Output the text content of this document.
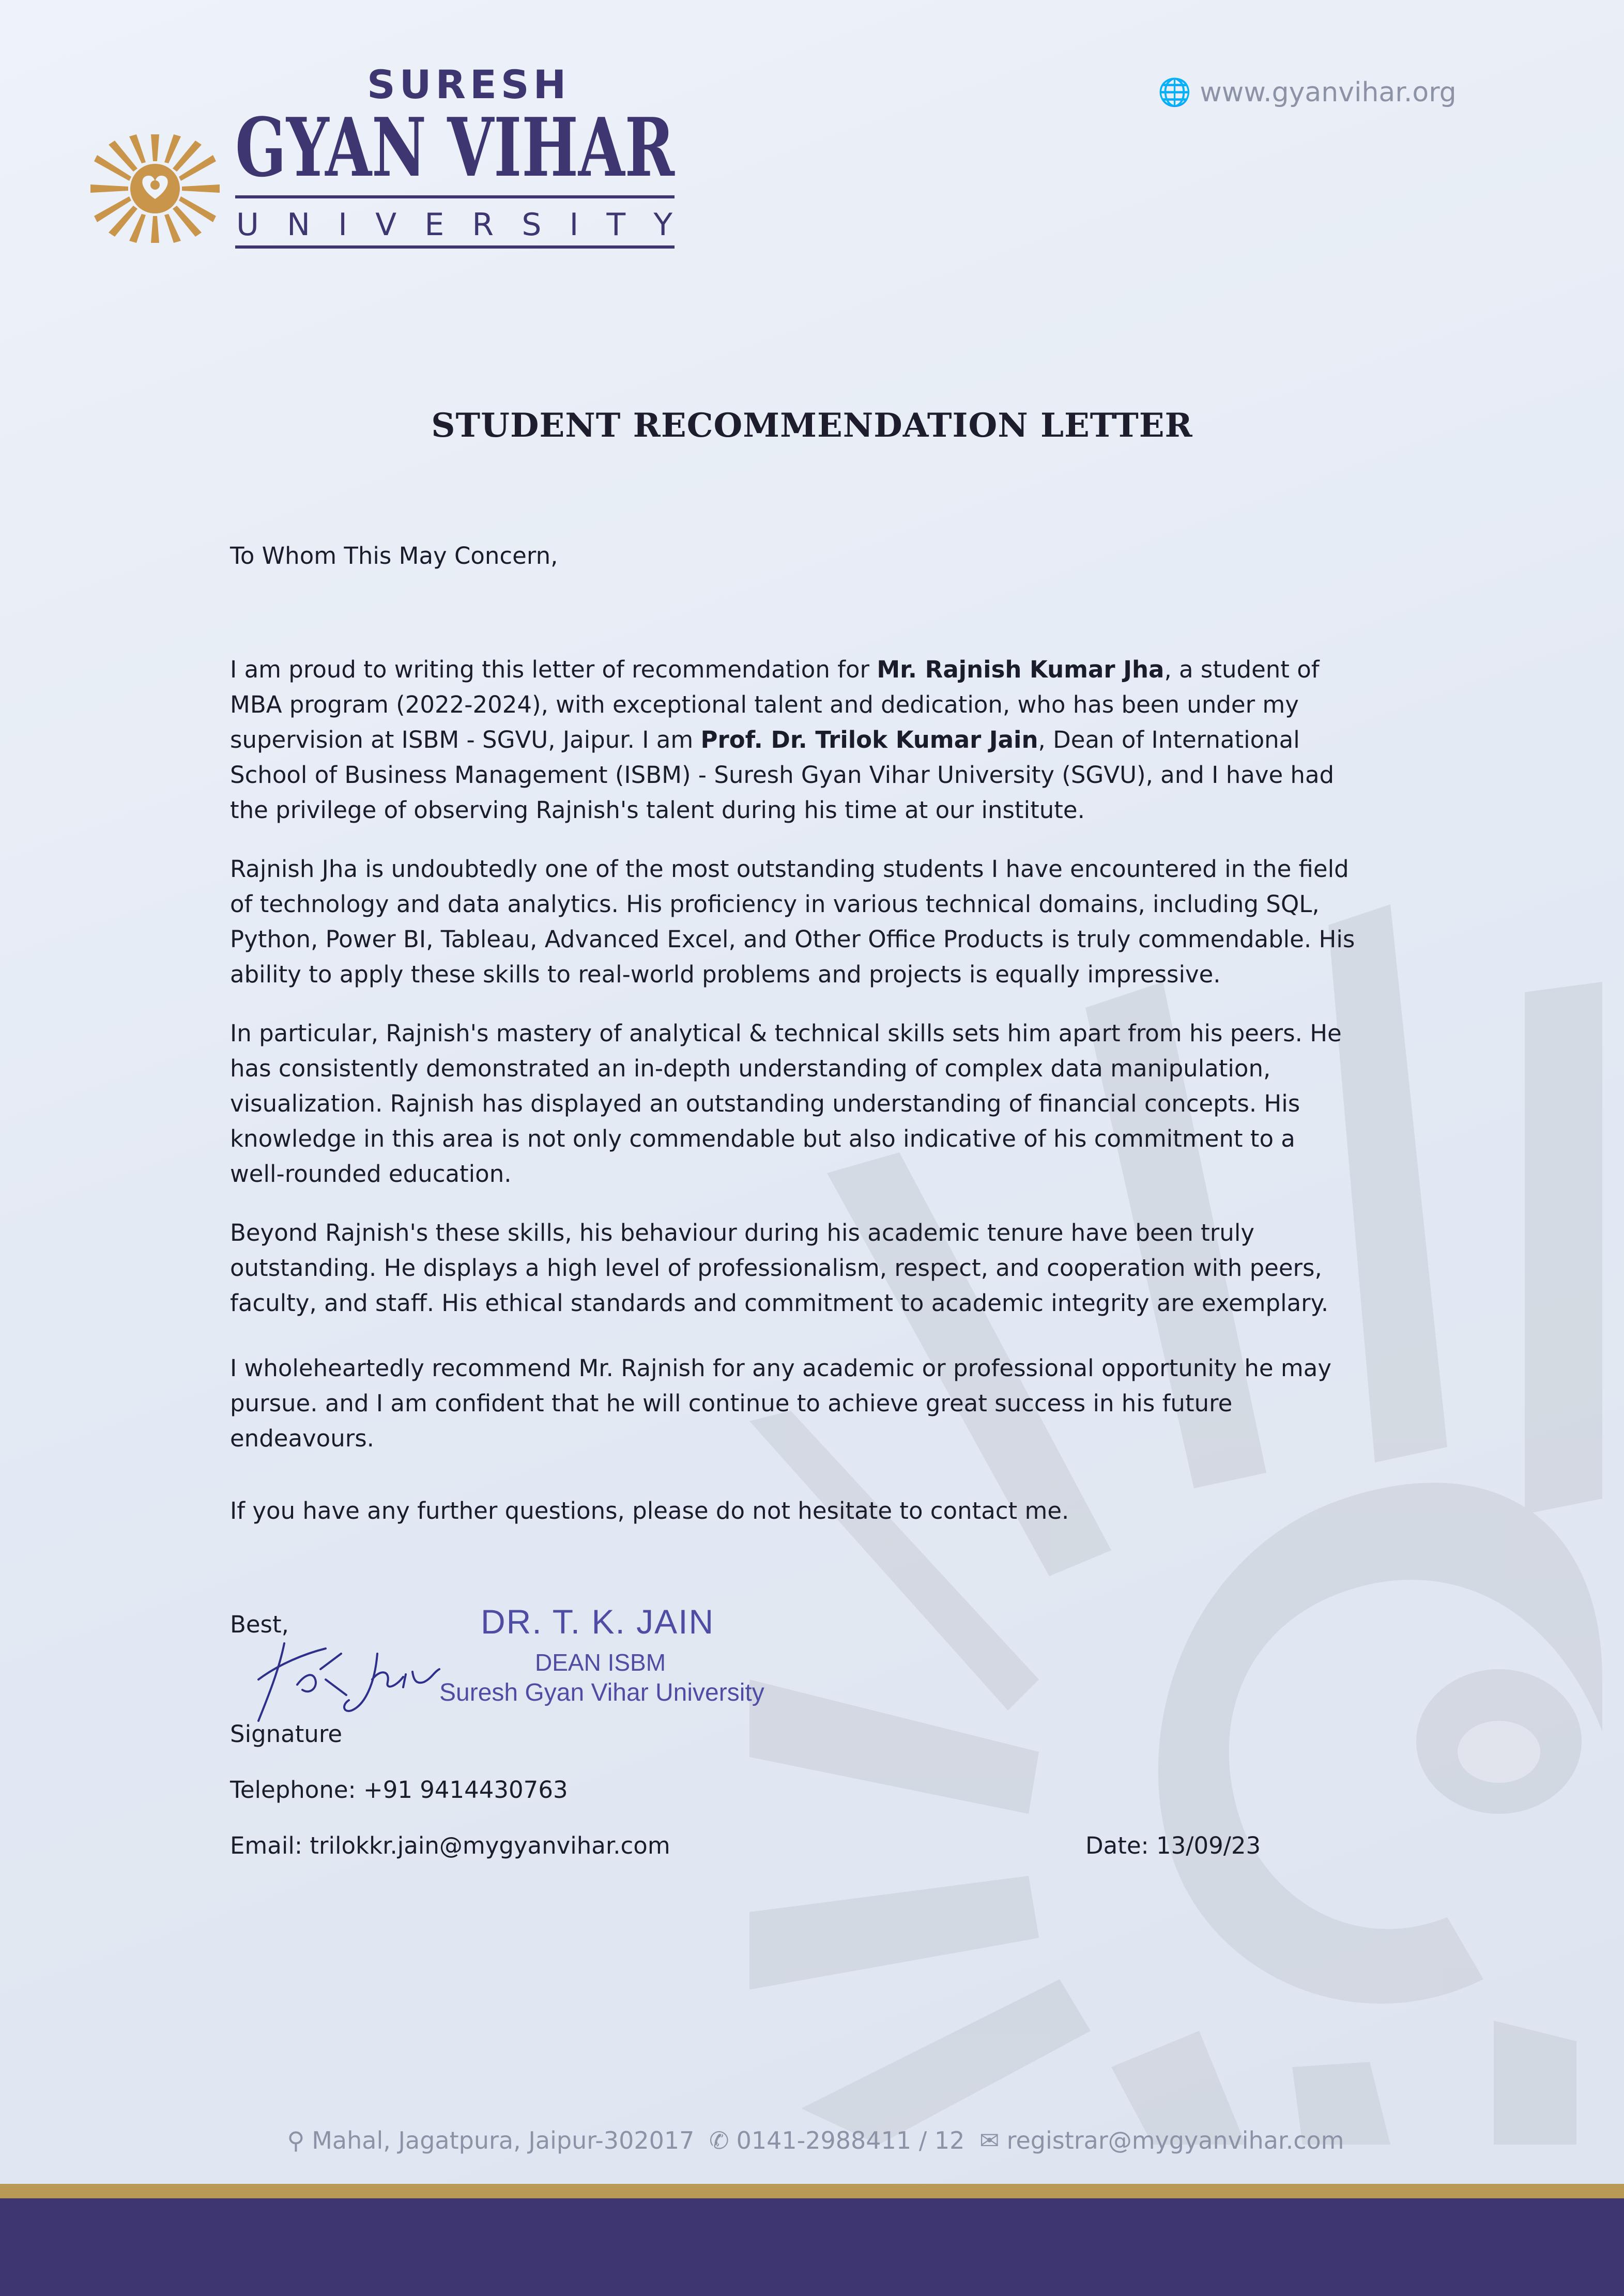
SURESH
GYAN VIHAR
UNIVERSITY
🌐 www.gyanvihar.org
STUDENT RECOMMENDATION LETTER
To Whom This May Concern,

I am proud to writing this letter of recommendation for Mr. Rajnish Kumar Jha, a student of MBA program (2022-2024), with exceptional talent and dedication, who has been under my supervision at ISBM - SGVU, Jaipur. I am Prof. Dr. Trilok Kumar Jain, Dean of International School of Business Management (ISBM) - Suresh Gyan Vihar University (SGVU), and I have had the privilege of observing Rajnish's talent during his time at our institute.

Rajnish Jha is undoubtedly one of the most outstanding students I have encountered in the field of technology and data analytics. His proficiency in various technical domains, including SQL, Python, Power BI, Tableau, Advanced Excel, and Other Office Products is truly commendable. His ability to apply these skills to real-world problems and projects is equally impressive.

In particular, Rajnish's mastery of analytical & technical skills sets him apart from his peers. He has consistently demonstrated an in-depth understanding of complex data manipulation, visualization. Rajnish has displayed an outstanding understanding of financial concepts. His knowledge in this area is not only commendable but also indicative of his commitment to a well-rounded education.

Beyond Rajnish's these skills, his behaviour during his academic tenure have been truly outstanding. He displays a high level of professionalism, respect, and cooperation with peers, faculty, and staff. His ethical standards and commitment to academic integrity are exemplary.

I wholeheartedly recommend Mr. Rajnish for any academic or professional opportunity he may pursue. and I am confident that he will continue to achieve great success in his future endeavours.
If you have any further questions, please do not hesitate to contact me.
Best,	DR. T. K. JAIN
DEAN ISBM
Suresh Gyan Vihar University
Signature
Telephone: +91 9414430763
Email: trilokkr.jain@mygyanvihar.com	Date: 13/09/23
⚲ Mahal, Jagatpura, Jaipur-302017 ✆ 0141-2988411 / 12 ✉ registrar@mygyanvihar.com
